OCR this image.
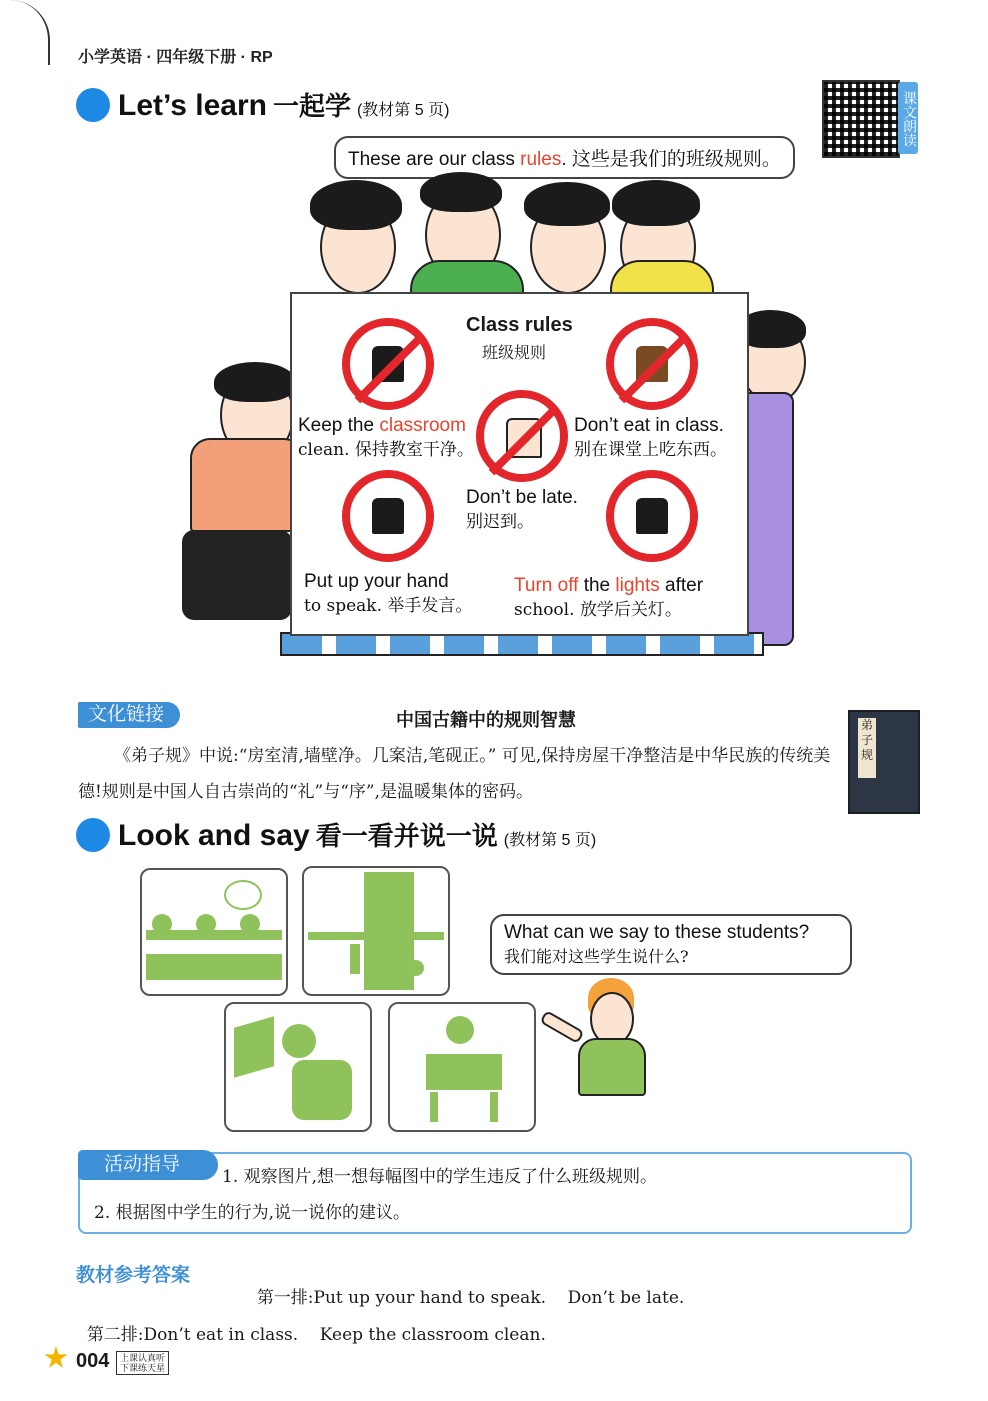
小学英语 · 四年级下册 · RP
Let’s learn 一起学 (教材第 5 页)	课文朗读
These are our class rules. 这些是我们的班级规则。
Class rules
班级规则
Keep the classroom
clean. 保持教室干净。
Don’t eat in class.
别在课堂上吃东西。
Don’t be late.
别迟到。
Put up your hand
to speak. 举手发言。
Turn off the lights after
school. 放学后关灯。
文化链接	中国古籍中的规则智慧
《弟子规》中说:“房室清,墙壁净。几案洁,笔砚正。” 可见,保持房屋干净整洁是中华民族的传统美德!规则是中国人自古崇尚的“礼”与“序”,是温暖集体的密码。
弟子规
Look and say 看一看并说一说 (教材第 5 页)
What can we say to these students?
我们能对这些学生说什么?
活动指导
1. 观察图片,想一想每幅图中的学生违反了什么班级规则。
2. 根据图中学生的行为,说一说你的建议。
教材参考答案

第一排:Put up your hand to speak.    Don’t be late.

第二排:Don’t eat in class.    Keep the classroom clean.

004 上课认真听
下课练天星
